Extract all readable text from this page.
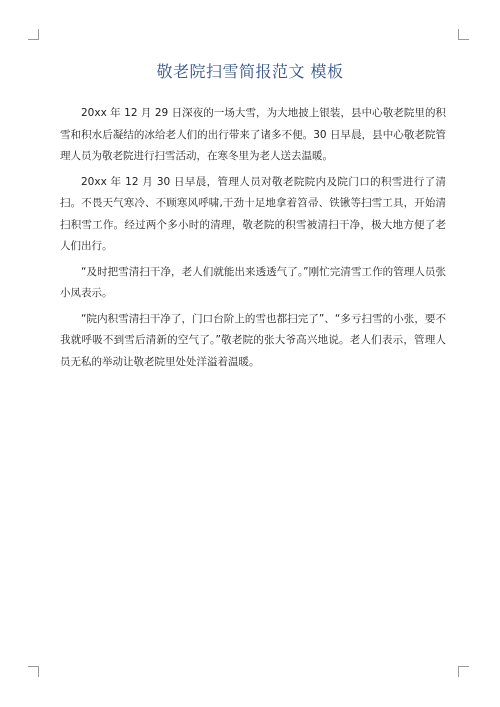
敬老院扫雪简报范文 模板

20xx 年 12 月 29 日深夜的一场大雪，为大地披上银装，县中心敬老院里的积雪和积水后凝结的冰给老人们的出行带来了诸多不便。30 日早晨，县中心敬老院管理人员为敬老院进行扫雪活动，在寒冬里为老人送去温暖。

20xx 年 12 月 30 日早晨，管理人员对敬老院院内及院门口的积雪进行了清扫。不畏天气寒冷、不顾寒风呼啸,干劲十足地拿着笤帚、铁锹等扫雪工具，开始清扫积雪工作。经过两个多小时的清理，敬老院的积雪被清扫干净，极大地方便了老人们出行。

“及时把雪清扫干净，老人们就能出来透透气了。”刚忙完清雪工作的管理人员张小凤表示。

“院内积雪清扫干净了，门口台阶上的雪也都扫完了”、“多亏扫雪的小张，要不我就呼吸不到雪后清新的空气了。”敬老院的张大爷高兴地说。老人们表示，管理人员无私的举动让敬老院里处处洋溢着温暖。
